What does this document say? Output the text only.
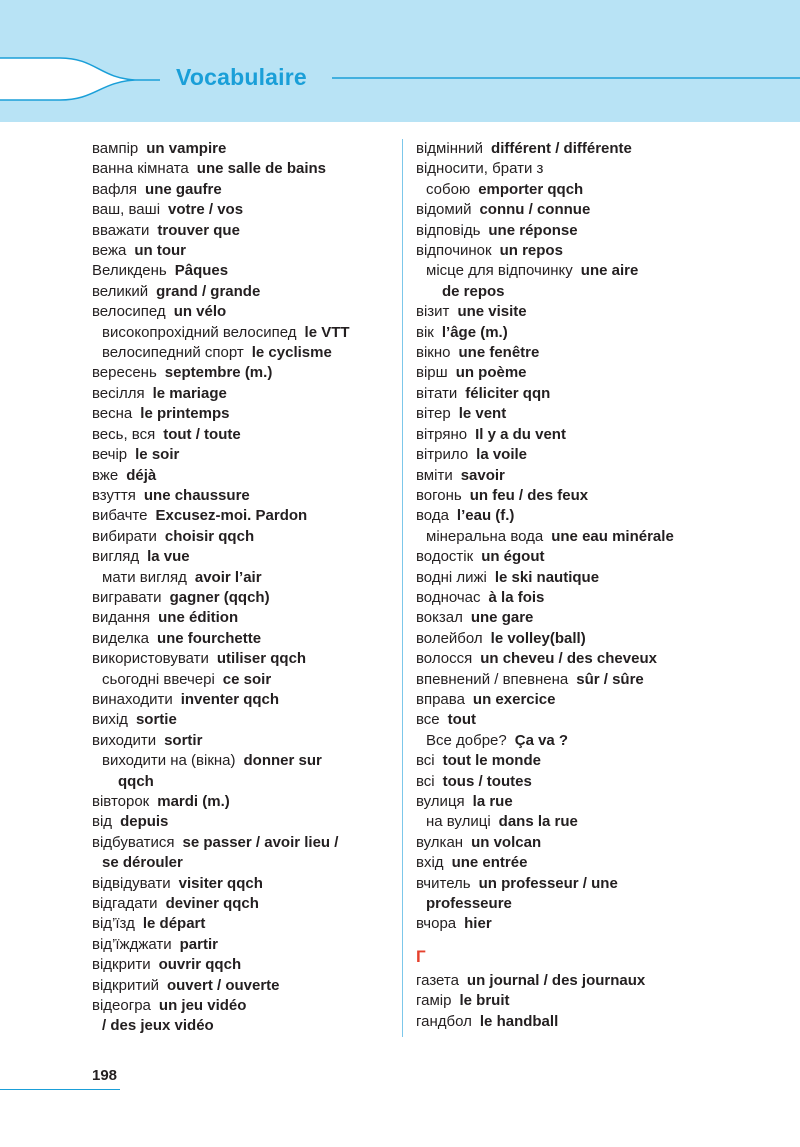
Vocabulaire
вампір un vampire
ванна кімната une salle de bains
вафля une gaufre
ваш, ваші votre / vos
вважати trouver que
вежа un tour
Великдень Pâques
великий grand / grande
велосипед un vélo
високопрохідний велосипед le VTT
велосипедний спорт le cyclisme
вересень septembre (m.)
весілля le mariage
весна le printemps
весь, вся tout / toute
вечір le soir
вже déjà
взуття une chaussure
вибачте Excusez-moi. Pardon
вибирати choisir qqch
вигляд la vue
мати вигляд avoir l’air
вигравати gagner (qqch)
видання une édition
виделка une fourchette
використовувати utiliser qqch
сьогодні ввечері ce soir
винаходити inventer qqch
вихід sortie
виходити sortir
виходити на (вікна) donner sur
qqch
вівторок mardi (m.)
від depuis
відбуватися se passer / avoir lieu /
se dérouler
відвідувати visiter qqch
відгадати deviner qqch
від’їзд le départ
від’їжджати partir
відкрити ouvrir qqch
відкритий ouvert / ouverte
відеогра un jeu vidéo
/ des jeux vidéo
відмінний différent / différente
відносити, брати з
собою emporter qqch
відомий connu / connue
відповідь une réponse
відпочинок un repos
місце для відпочинку une aire
de repos
візит une visite
вік l’âge (m.)
вікно une fenêtre
вірш un poème
вітати féliciter qqn
вітер le vent
вітряно Il y a du vent
вітрило la voile
вміти savoir
вогонь un feu / des feux
вода l’eau (f.)
мінеральна вода une eau minérale
водостік un égout
водні лижі le ski nautique
водночас à la fois
вокзал une gare
волейбол le volley(ball)
волосся un cheveu / des cheveux
впевнений / впевнена sûr / sûre
вправа un exercice
все tout
Все добре? Ça va ?
всі tout le monde
всі tous / toutes
вулиця la rue
на вулиці dans la rue
вулкан un volcan
вхід une entrée
вчитель un professeur / une
professeure
вчора hier
Г
газета un journal / des journaux
гамір le bruit
гандбол le handball
198
